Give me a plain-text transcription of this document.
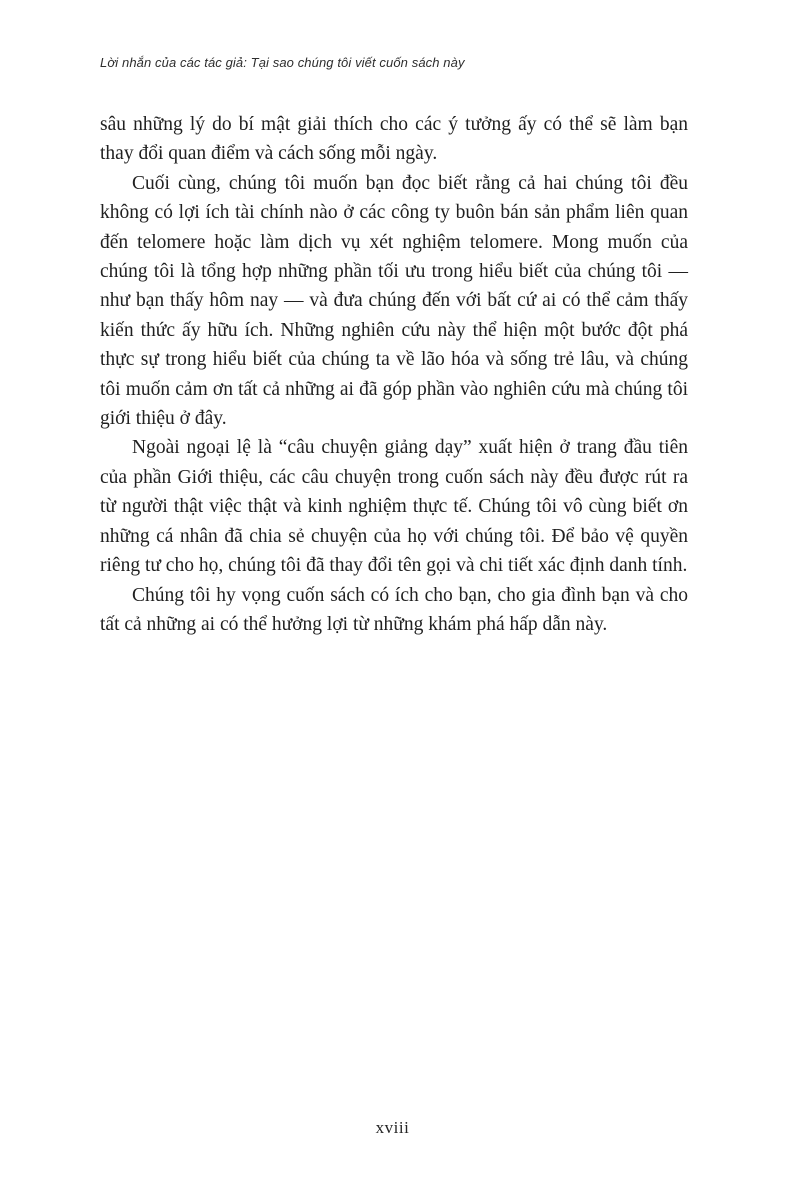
Lời nhắn của các tác giả: Tại sao chúng tôi viết cuốn sách này

sâu những lý do bí mật giải thích cho các ý tưởng ấy có thể sẽ làm bạn thay đổi quan điểm và cách sống mỗi ngày.

Cuối cùng, chúng tôi muốn bạn đọc biết rằng cả hai chúng tôi đều không có lợi ích tài chính nào ở các công ty buôn bán sản phẩm liên quan đến telomere hoặc làm dịch vụ xét nghiệm telomere. Mong muốn của chúng tôi là tổng hợp những phần tối ưu trong hiểu biết của chúng tôi — như bạn thấy hôm nay — và đưa chúng đến với bất cứ ai có thể cảm thấy kiến thức ấy hữu ích. Những nghiên cứu này thể hiện một bước đột phá thực sự trong hiểu biết của chúng ta về lão hóa và sống trẻ lâu, và chúng tôi muốn cảm ơn tất cả những ai đã góp phần vào nghiên cứu mà chúng tôi giới thiệu ở đây.

Ngoài ngoại lệ là “câu chuyện giảng dạy” xuất hiện ở trang đầu tiên của phần Giới thiệu, các câu chuyện trong cuốn sách này đều được rút ra từ người thật việc thật và kinh nghiệm thực tế. Chúng tôi vô cùng biết ơn những cá nhân đã chia sẻ chuyện của họ với chúng tôi. Để bảo vệ quyền riêng tư cho họ, chúng tôi đã thay đổi tên gọi và chi tiết xác định danh tính.

Chúng tôi hy vọng cuốn sách có ích cho bạn, cho gia đình bạn và cho tất cả những ai có thể hưởng lợi từ những khám phá hấp dẫn này.

xviii
